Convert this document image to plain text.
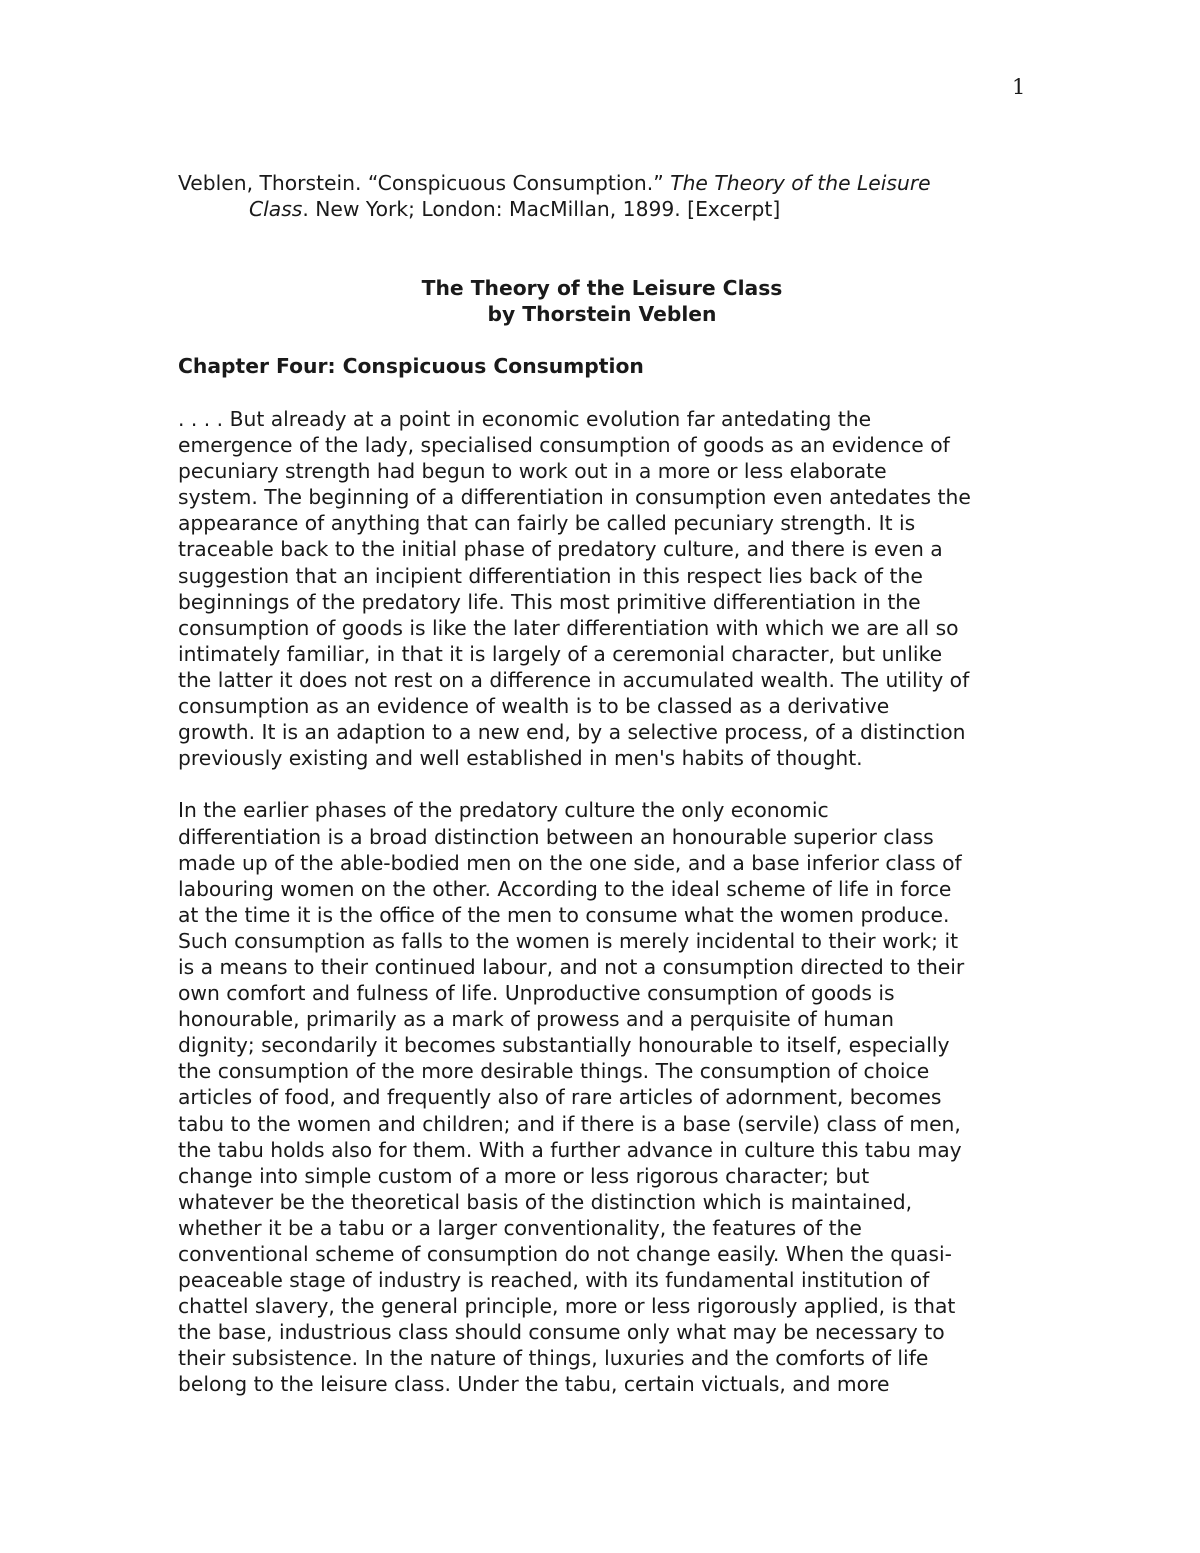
1
Veblen, Thorstein. “Conspicuous Consumption.” The Theory of the Leisure
Class. New York; London: MacMillan, 1899. [Excerpt]
The Theory of the Leisure Class
by Thorstein Veblen
Chapter Four: Conspicuous Consumption
. . . . But already at a point in economic evolution far antedating the
emergence of the lady, specialised consumption of goods as an evidence of
pecuniary strength had begun to work out in a more or less elaborate
system. The beginning of a differentiation in consumption even antedates the
appearance of anything that can fairly be called pecuniary strength. It is
traceable back to the initial phase of predatory culture, and there is even a
suggestion that an incipient differentiation in this respect lies back of the
beginnings of the predatory life. This most primitive differentiation in the
consumption of goods is like the later differentiation with which we are all so
intimately familiar, in that it is largely of a ceremonial character, but unlike
the latter it does not rest on a difference in accumulated wealth. The utility of
consumption as an evidence of wealth is to be classed as a derivative
growth. It is an adaption to a new end, by a selective process, of a distinction
previously existing and well established in men's habits of thought.
In the earlier phases of the predatory culture the only economic
differentiation is a broad distinction between an honourable superior class
made up of the able-bodied men on the one side, and a base inferior class of
labouring women on the other. According to the ideal scheme of life in force
at the time it is the office of the men to consume what the women produce.
Such consumption as falls to the women is merely incidental to their work; it
is a means to their continued labour, and not a consumption directed to their
own comfort and fulness of life. Unproductive consumption of goods is
honourable, primarily as a mark of prowess and a perquisite of human
dignity; secondarily it becomes substantially honourable to itself, especially
the consumption of the more desirable things. The consumption of choice
articles of food, and frequently also of rare articles of adornment, becomes
tabu to the women and children; and if there is a base (servile) class of men,
the tabu holds also for them. With a further advance in culture this tabu may
change into simple custom of a more or less rigorous character; but
whatever be the theoretical basis of the distinction which is maintained,
whether it be a tabu or a larger conventionality, the features of the
conventional scheme of consumption do not change easily. When the quasi-
peaceable stage of industry is reached, with its fundamental institution of
chattel slavery, the general principle, more or less rigorously applied, is that
the base, industrious class should consume only what may be necessary to
their subsistence. In the nature of things, luxuries and the comforts of life
belong to the leisure class. Under the tabu, certain victuals, and more
